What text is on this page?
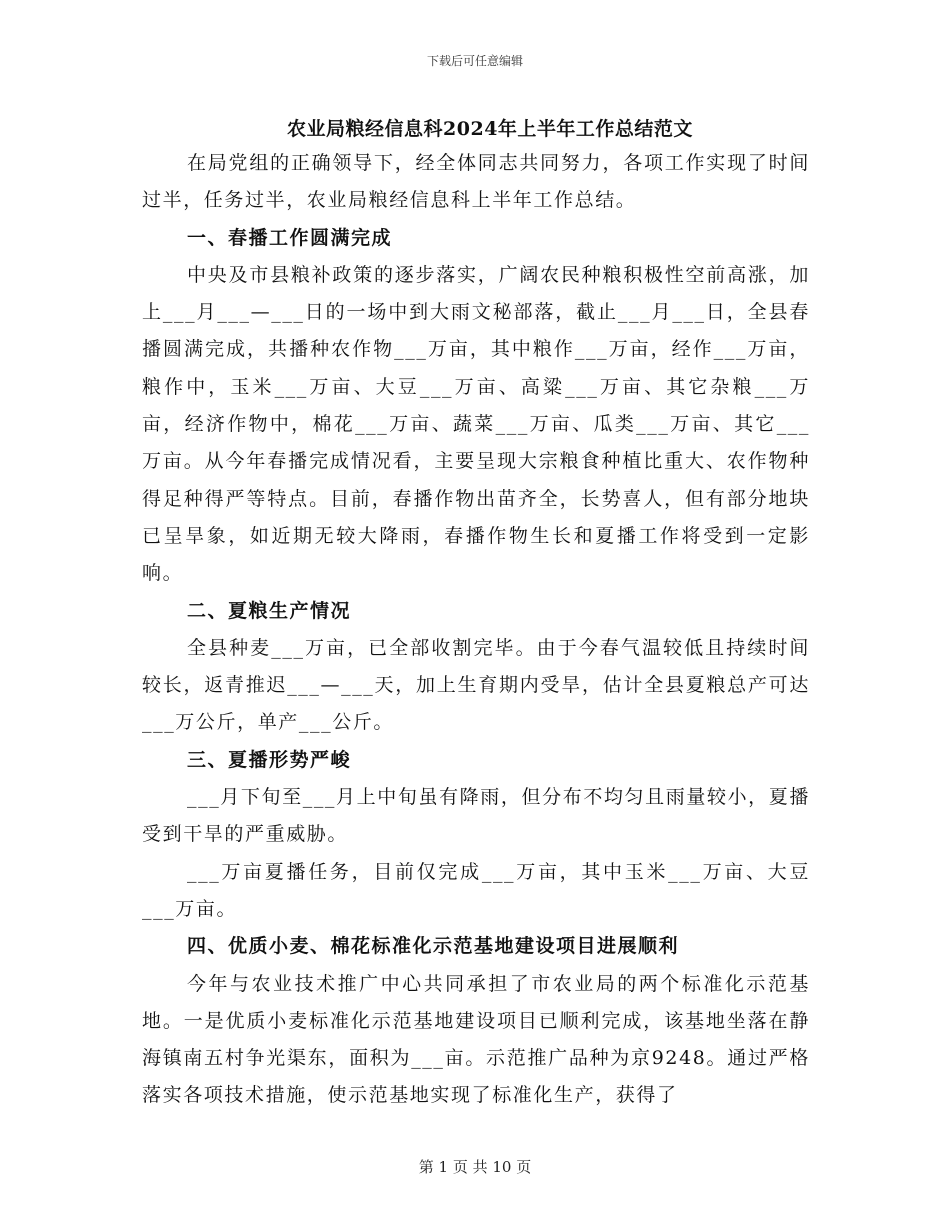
下载后可任意编辑
农业局粮经信息科2024年上半年工作总结范文

在局党组的正确领导下，经全体同志共同努力，各项工作实现了时间过半，任务过半，农业局粮经信息科上半年工作总结。

一、春播工作圆满完成

中央及市县粮补政策的逐步落实，广阔农民种粮积极性空前高涨，加上___月___—___日的一场中到大雨文秘部落，截止___月___日，全县春播圆满完成，共播种农作物___万亩，其中粮作___万亩，经作___万亩，粮作中，玉米___万亩、大豆___万亩、高粱___万亩、其它杂粮___万亩，经济作物中，棉花___万亩、蔬菜___万亩、瓜类___万亩、其它___万亩。从今年春播完成情况看，主要呈现大宗粮食种植比重大、农作物种得足种得严等特点。目前，春播作物出苗齐全，长势喜人，但有部分地块已呈旱象，如近期无较大降雨，春播作物生长和夏播工作将受到一定影响。

二、夏粮生产情况

全县种麦___万亩，已全部收割完毕。由于今春气温较低且持续时间较长，返青推迟___—___天，加上生育期内受旱，估计全县夏粮总产可达___万公斤，单产___公斤。

三、夏播形势严峻

___月下旬至___月上中旬虽有降雨，但分布不均匀且雨量较小，夏播受到干旱的严重威胁。

___万亩夏播任务，目前仅完成___万亩，其中玉米___万亩、大豆___万亩。

四、优质小麦、棉花标准化示范基地建设项目进展顺利

今年与农业技术推广中心共同承担了市农业局的两个标准化示范基地。一是优质小麦标准化示范基地建设项目已顺利完成，该基地坐落在静海镇南五村争光渠东，面积为___亩。示范推广品种为京9248。通过严格落实各项技术措施，使示范基地实现了标准化生产，获得了

第 1 页 共 10 页
